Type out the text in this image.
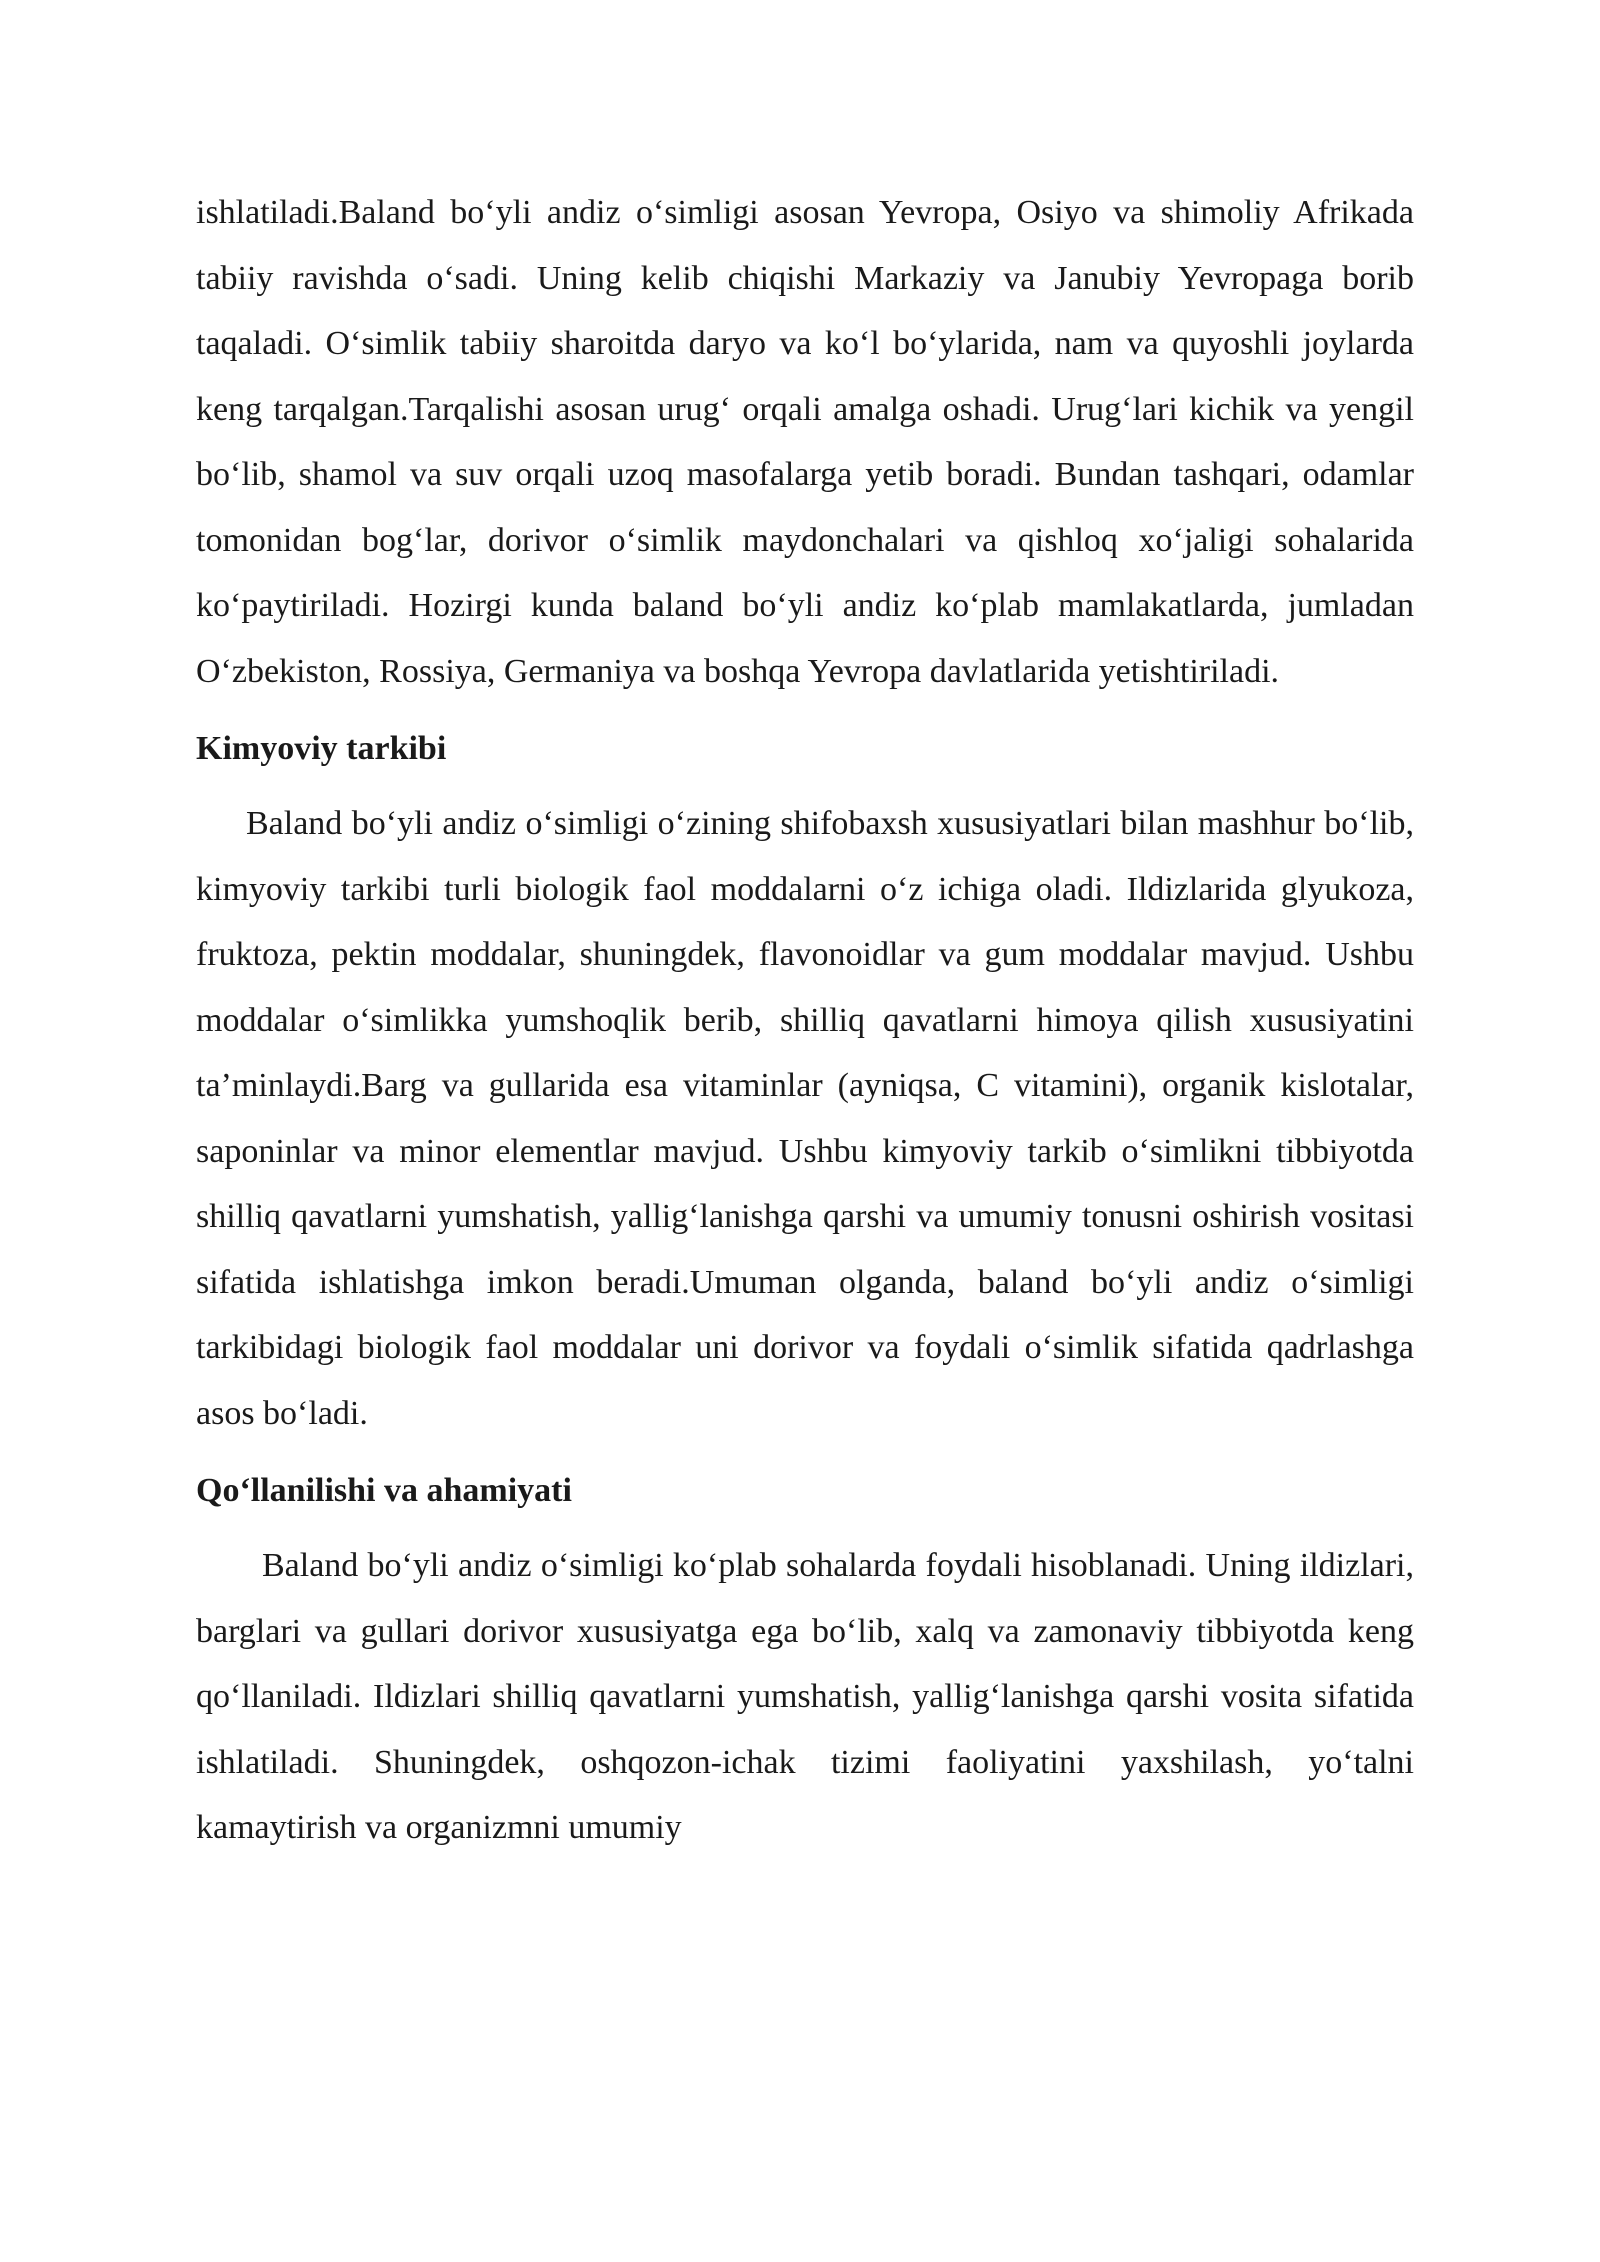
ishlatiladi.Baland bo‘yli andiz o‘simligi asosan Yevropa, Osiyo va shimoliy Afrikada tabiiy ravishda o‘sadi. Uning kelib chiqishi Markaziy va Janubiy Yevropaga borib taqaladi. O‘simlik tabiiy sharoitda daryo va ko‘l bo‘ylarida, nam va quyoshli joylarda keng tarqalgan.Tarqalishi asosan urug‘ orqali amalga oshadi. Urug‘lari kichik va yengil bo‘lib, shamol va suv orqali uzoq masofalarga yetib boradi. Bundan tashqari, odamlar tomonidan bog‘lar, dorivor o‘simlik maydonchalari va qishloq xo‘jaligi sohalarida ko‘paytiriladi. Hozirgi kunda baland bo‘yli andiz ko‘plab mamlakatlarda, jumladan O‘zbekiston, Rossiya, Germaniya va boshqa Yevropa davlatlarida yetishtiriladi.

Kimyoviy tarkibi

Baland bo‘yli andiz o‘simligi o‘zining shifobaxsh xususiyatlari bilan mashhur bo‘lib, kimyoviy tarkibi turli biologik faol moddalarni o‘z ichiga oladi. Ildizlarida glyukoza, fruktoza, pektin moddalar, shuningdek, flavonoidlar va gum moddalar mavjud. Ushbu moddalar o‘simlikka yumshoqlik berib, shilliq qavatlarni himoya qilish xususiyatini ta’minlaydi.Barg va gullarida esa vitaminlar (ayniqsa, C vitamini), organik kislotalar, saponinlar va minor elementlar mavjud. Ushbu kimyoviy tarkib o‘simlikni tibbiyotda shilliq qavatlarni yumshatish, yallig‘lanishga qarshi va umumiy tonusni oshirish vositasi sifatida ishlatishga imkon beradi.Umuman olganda, baland bo‘yli andiz o‘simligi tarkibidagi biologik faol moddalar uni dorivor va foydali o‘simlik sifatida qadrlashga asos bo‘ladi.

Qo‘llanilishi va ahamiyati

Baland bo‘yli andiz o‘simligi ko‘plab sohalarda foydali hisoblanadi. Uning ildizlari, barglari va gullari dorivor xususiyatga ega bo‘lib, xalq va zamonaviy tibbiyotda keng qo‘llaniladi. Ildizlari shilliq qavatlarni yumshatish, yallig‘lanishga qarshi vosita sifatida ishlatiladi. Shuningdek, oshqozon-ichak tizimi faoliyatini yaxshilash, yo‘talni kamaytirish va organizmni umumiy
